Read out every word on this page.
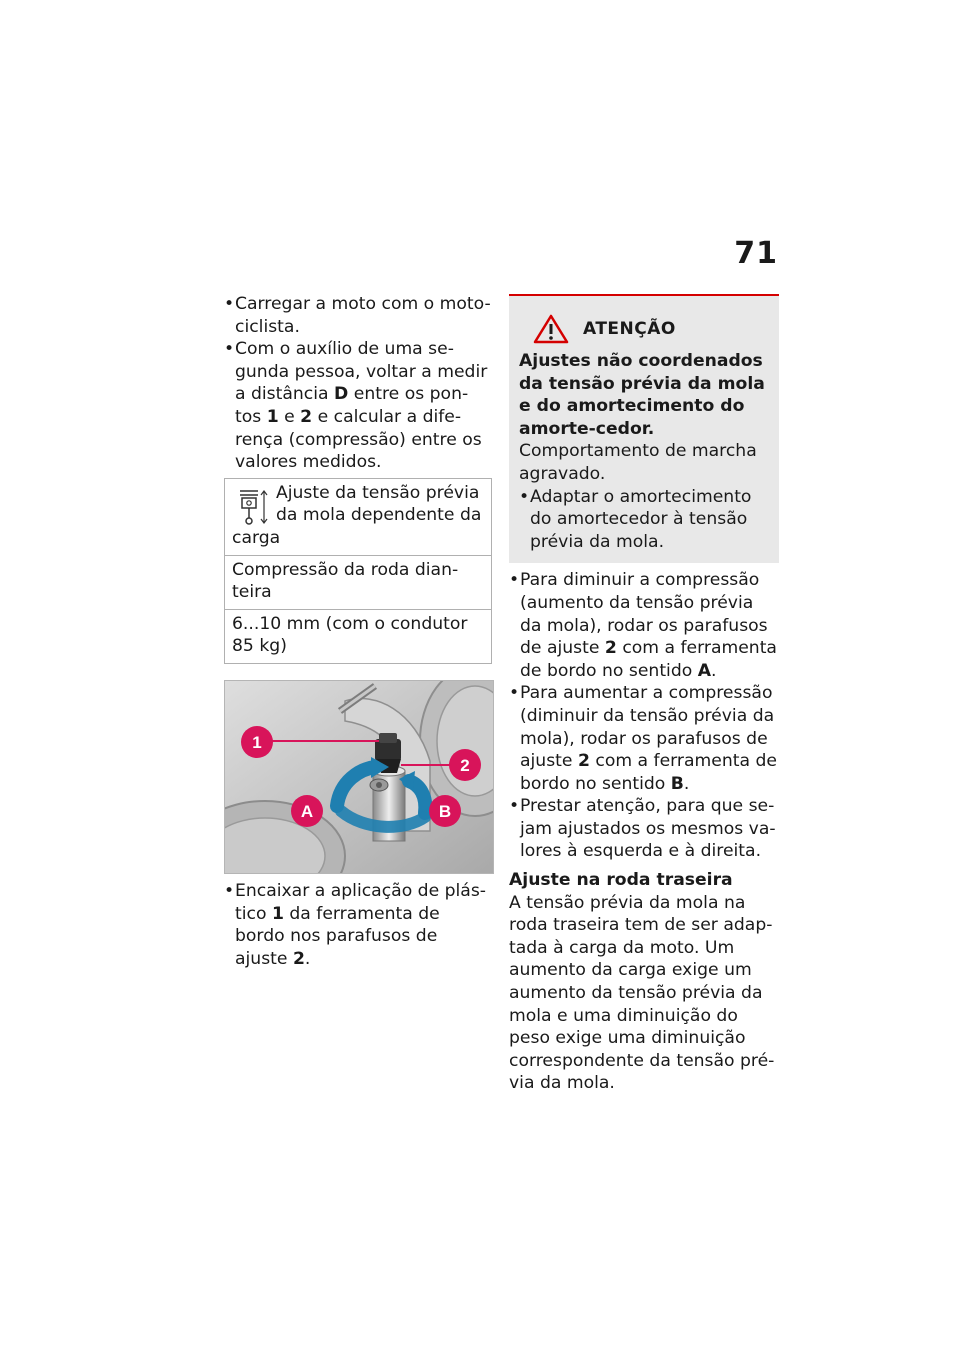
71
• Carregar a moto com o moto-ciclista.
• Com o auxílio de uma se-gunda pessoa, voltar a medir a distância D entre os pon-tos 1 e 2 e calcular a dife-rença (compressão) entre os valores medidos.
Ajuste da tensão prévia da mola dependente da carga
Compressão da roda dian-teira
6...10 mm (com o condutor 85 kg)
1
2
A	B
• Encaixar a aplicação de plás-tico 1 da ferramenta de bordo nos parafusos de ajuste 2.
ATENÇÃO
Ajustes não coordenados da tensão prévia da mola e do amortecimento do amorte-cedor.
Comportamento de marcha agravado.
• Adaptar o amortecimento do amortecedor à tensão prévia da mola.
• Para diminuir a compressão (aumento da tensão prévia da mola), rodar os parafusos de ajuste 2 com a ferramenta de bordo no sentido A.
• Para aumentar a compressão (diminuir da tensão prévia da mola), rodar os parafusos de ajuste 2 com a ferramenta de bordo no sentido B.
• Prestar atenção, para que se-jam ajustados os mesmos va-lores à esquerda e à direita.
Ajuste na roda traseira
A tensão prévia da mola na roda traseira tem de ser adap-tada à carga da moto. Um aumento da carga exige um aumento da tensão prévia da mola e uma diminuição do peso exige uma diminuição correspondente da tensão pré-via da mola.
